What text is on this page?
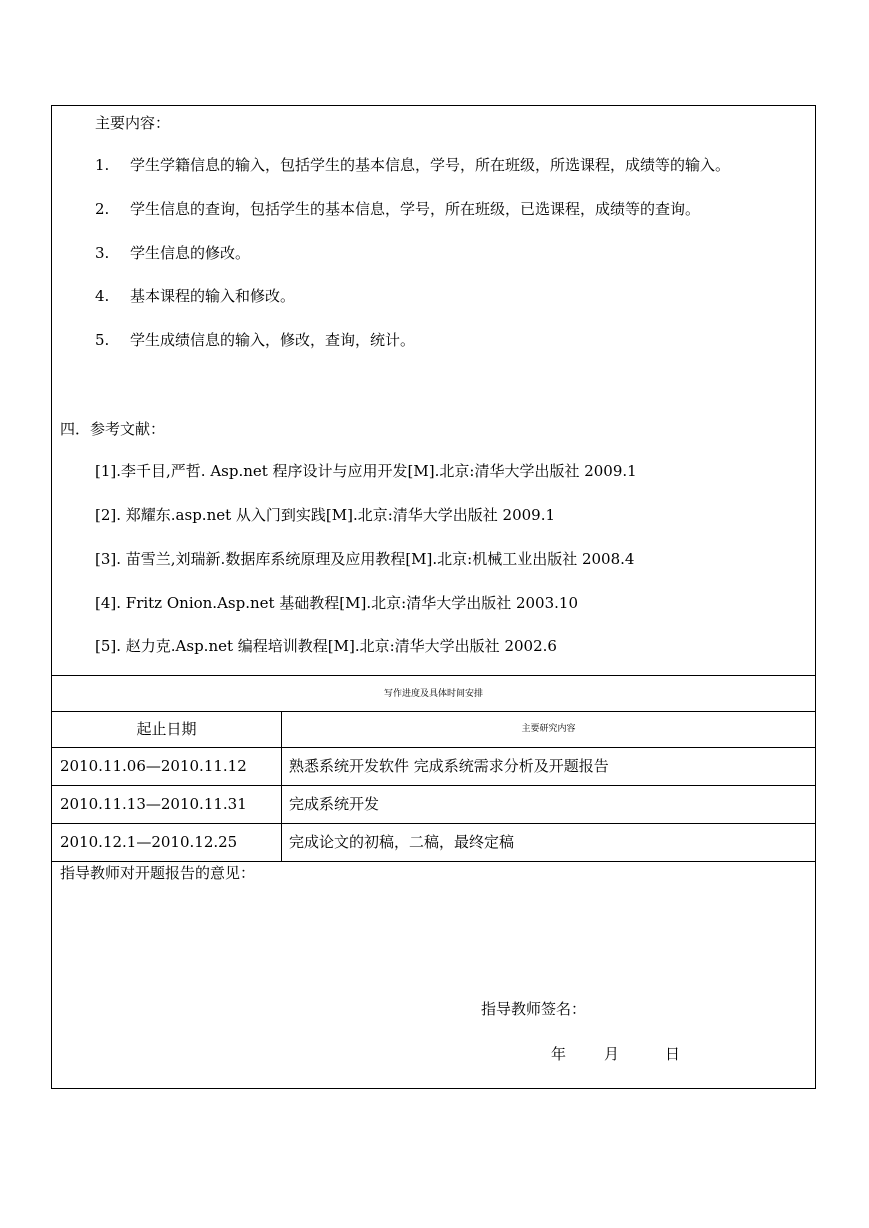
主要内容：
1. 学生学籍信息的输入，包括学生的基本信息，学号，所在班级，所选课程，成绩等的输入。
2. 学生信息的查询，包括学生的基本信息，学号，所在班级，已选课程，成绩等的查询。
3. 学生信息的修改。
4. 基本课程的输入和修改。
5. 学生成绩信息的输入，修改，查询，统计。
四．参考文献：
[1].李千目,严哲. Asp.net 程序设计与应用开发[M].北京:清华大学出版社 2009.1
[2]. 郑耀东.asp.net 从入门到实践[M].北京:清华大学出版社 2009.1
[3]. 苗雪兰,刘瑞新.数据库系统原理及应用教程[M].北京:机械工业出版社 2008.4
[4]. Fritz Onion.Asp.net 基础教程[M].北京:清华大学出版社 2003.10
[5]. 赵力克.Asp.net 编程培训教程[M].北京:清华大学出版社 2002.6
写作进度及具体时间安排
起止日期	主要研究内容
2010.11.06—2010.11.12	熟悉系统开发软件 完成系统需求分析及开题报告
2010.11.13—2010.11.31	完成系统开发
2010.12.1—2010.12.25	完成论文的初稿，二稿，最终定稿
指导教师对开题报告的意见：
指导教师签名：
年	月	日
